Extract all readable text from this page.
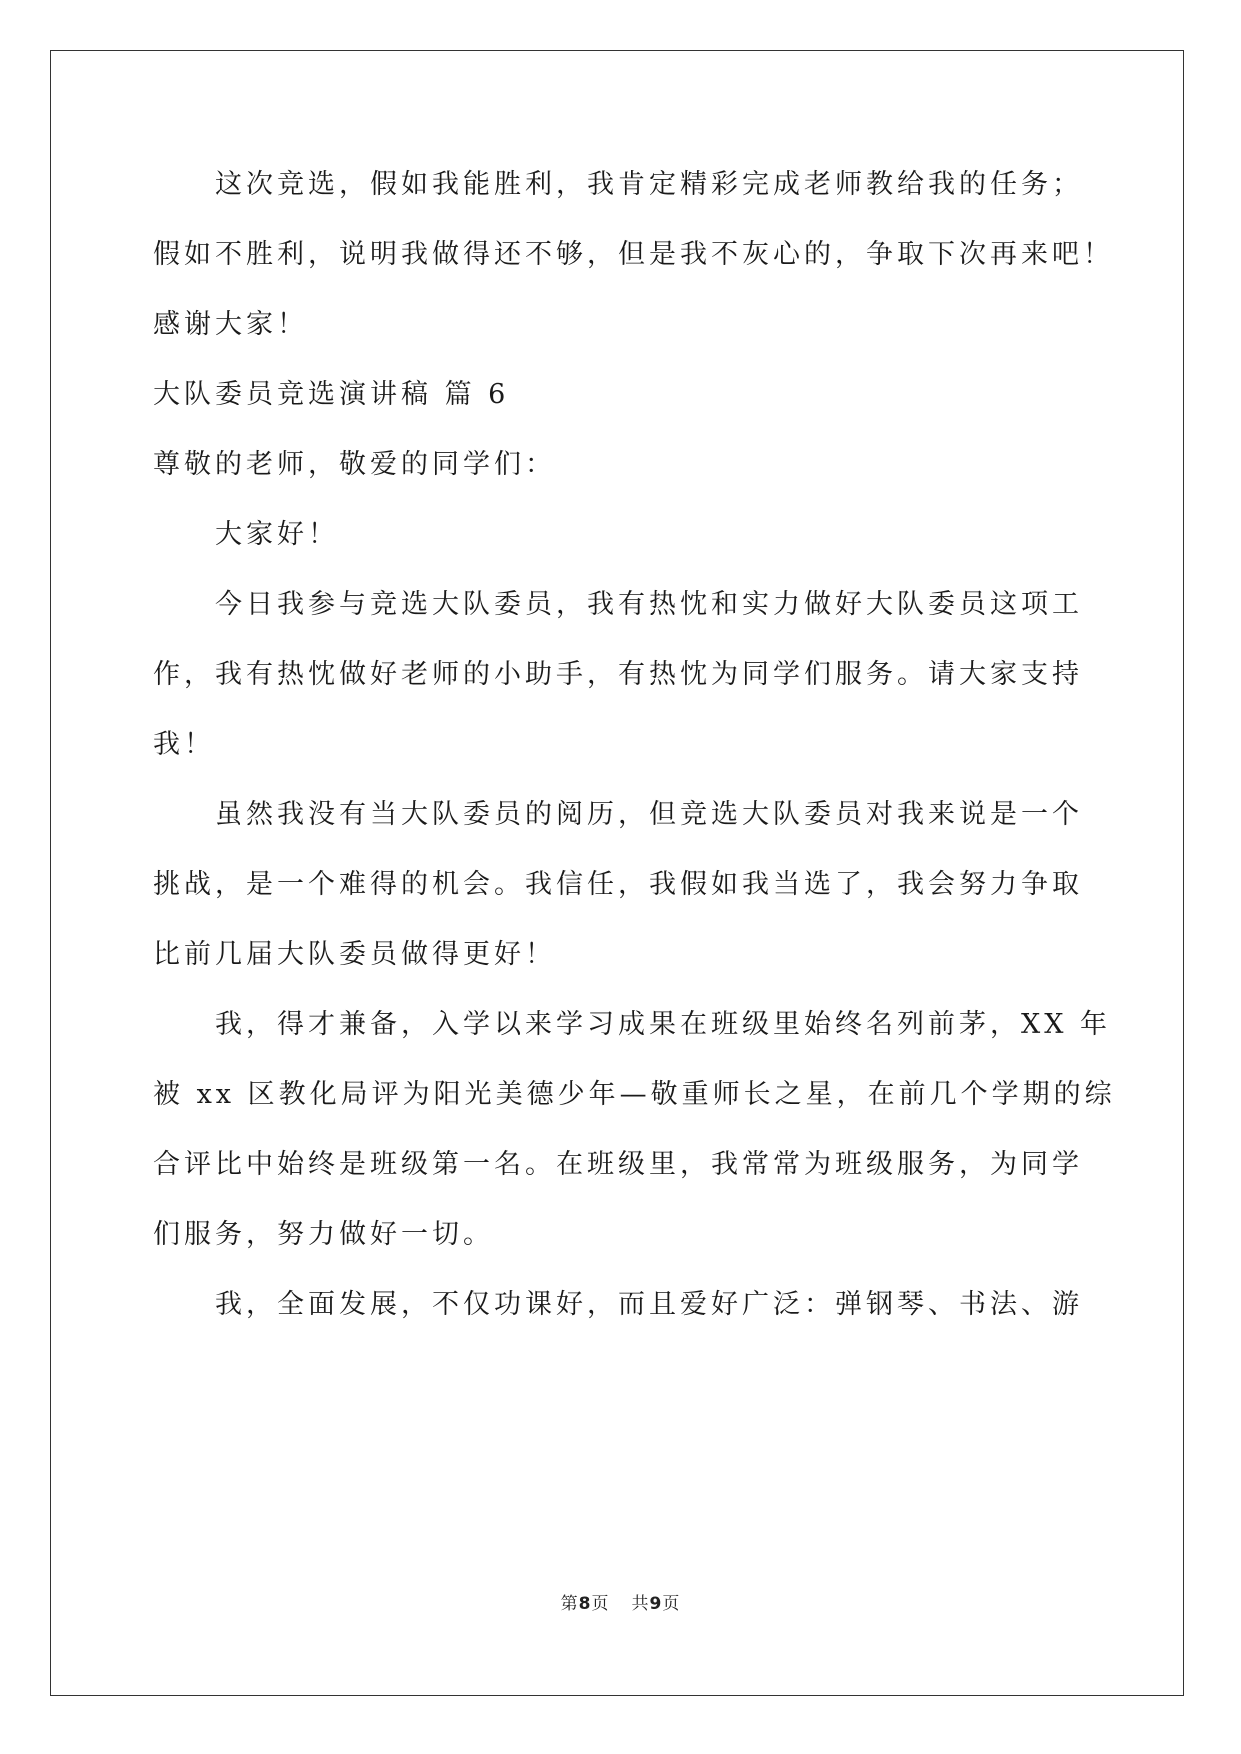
这次竞选，假如我能胜利，我肯定精彩完成老师教给我的任务；
假如不胜利，说明我做得还不够，但是我不灰心的，争取下次再来吧！
感谢大家！
大队委员竞选演讲稿 篇 6
尊敬的老师，敬爱的同学们：
大家好！
今日我参与竞选大队委员，我有热忱和实力做好大队委员这项工
作，我有热忱做好老师的小助手，有热忱为同学们服务。请大家支持
我！
虽然我没有当大队委员的阅历，但竞选大队委员对我来说是一个
挑战，是一个难得的机会。我信任，我假如我当选了，我会努力争取
比前几届大队委员做得更好！
我，得才兼备，入学以来学习成果在班级里始终名列前茅，XX 年
被 xx 区教化局评为阳光美德少年—敬重师长之星，在前几个学期的综
合评比中始终是班级第一名。在班级里，我常常为班级服务，为同学
们服务，努力做好一切。
我，全面发展，不仅功课好，而且爱好广泛：弹钢琴、书法、游
第8页 共9页
